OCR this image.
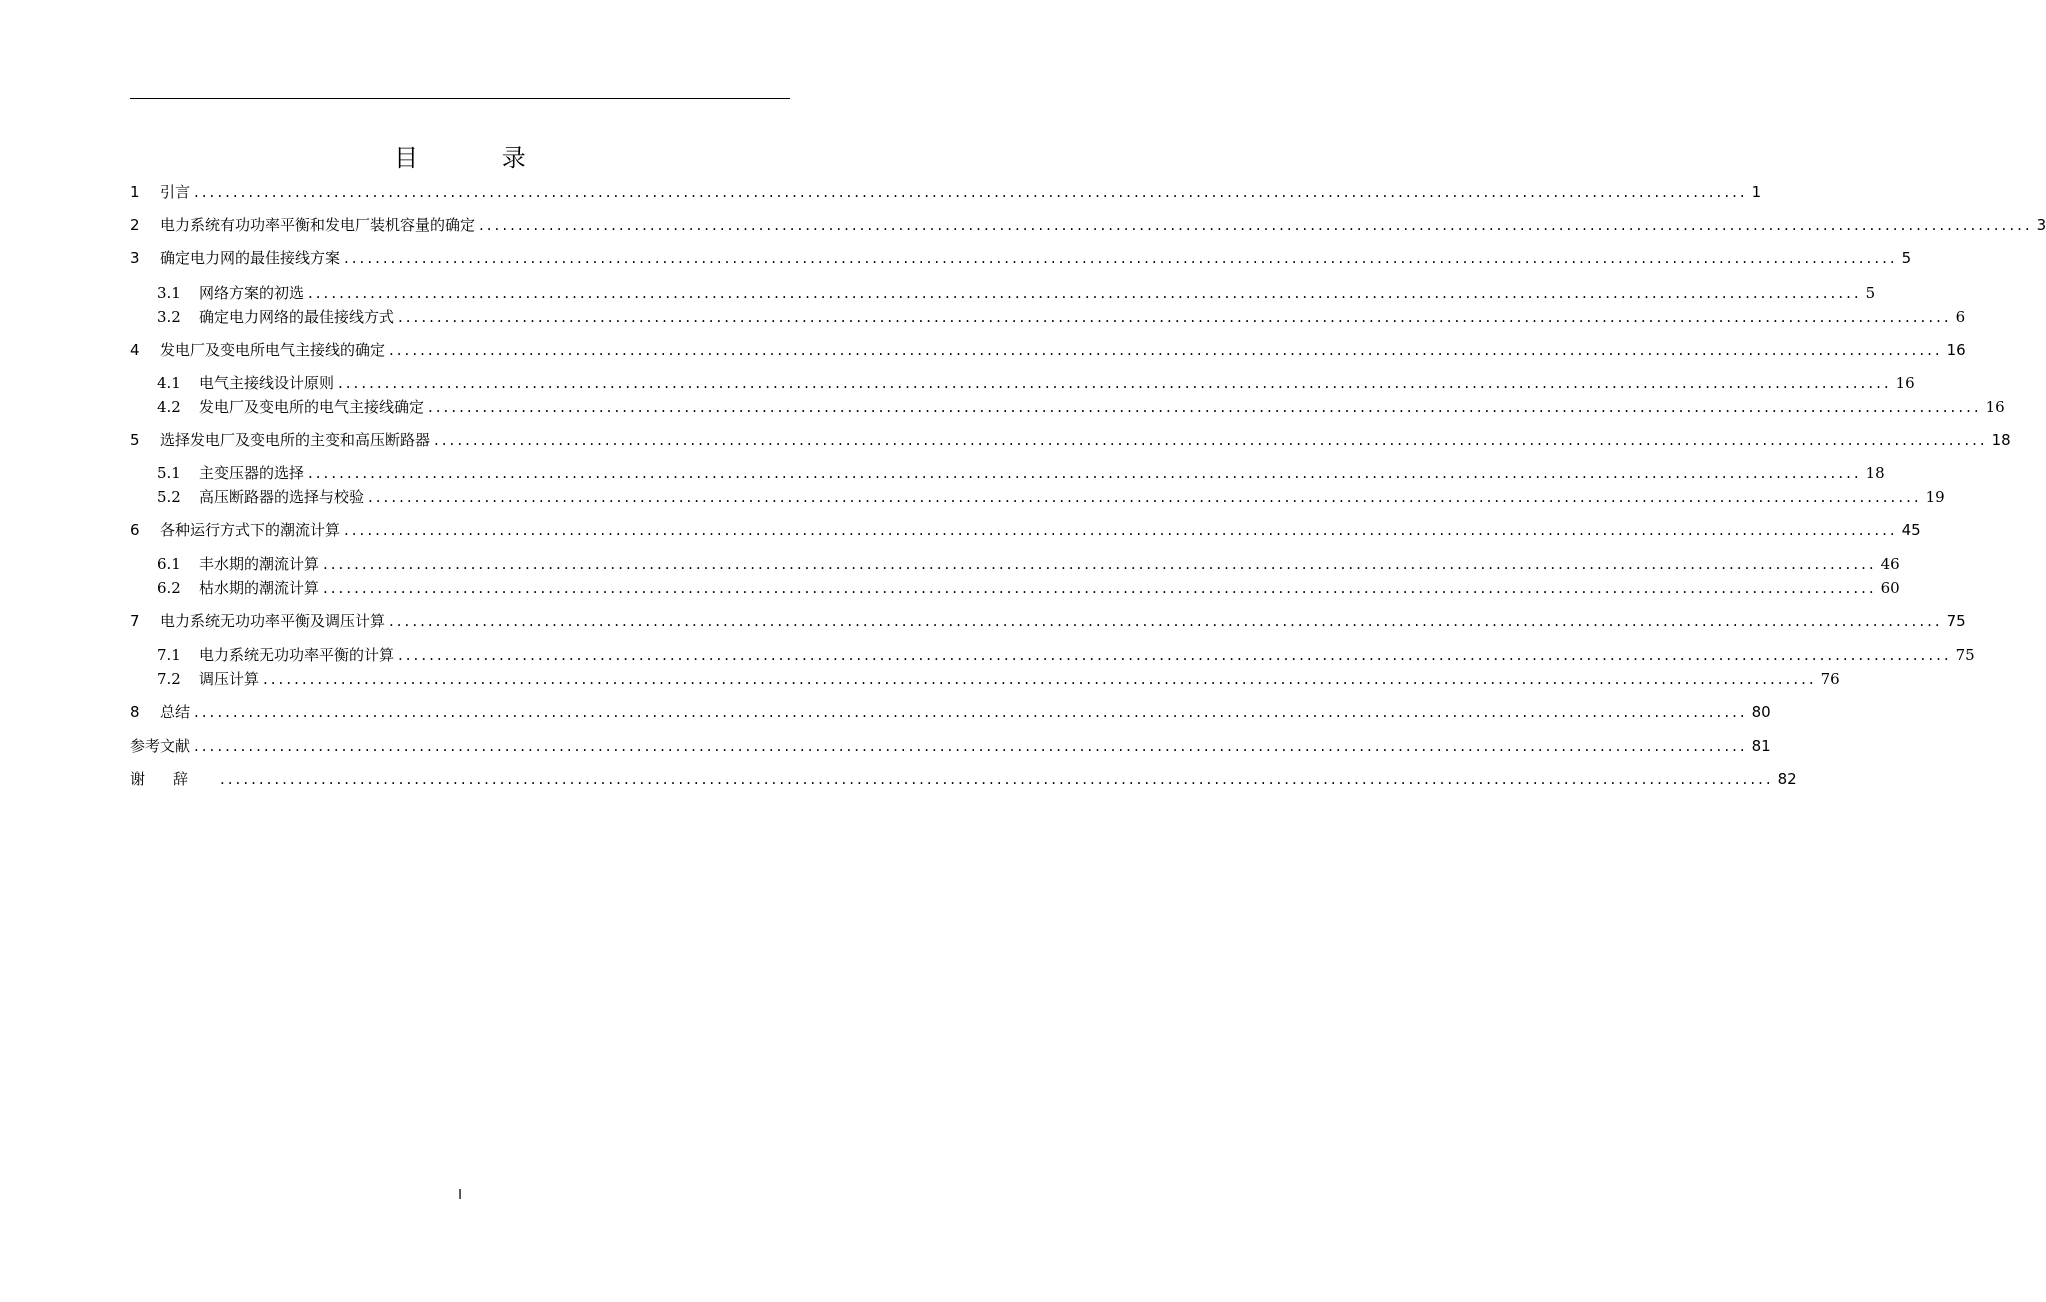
目 录
1	引言 ........................................................................................................................................................................................................ 1
2	电力系统有功功率平衡和发电厂装机容量的确定 ........................................................................................................................................................................................................ 3
3	确定电力网的最佳接线方案 ........................................................................................................................................................................................................ 5
3.1	网络方案的初选 ........................................................................................................................................................................................................ 5
3.2	确定电力网络的最佳接线方式 ........................................................................................................................................................................................................ 6
4	发电厂及变电所电气主接线的确定 ........................................................................................................................................................................................................ 16
4.1	电气主接线设计原则 ........................................................................................................................................................................................................ 16
4.2	发电厂及变电所的电气主接线确定 ........................................................................................................................................................................................................ 16
5	选择发电厂及变电所的主变和高压断路器 ........................................................................................................................................................................................................ 18
5.1	主变压器的选择 ........................................................................................................................................................................................................ 18
5.2	高压断路器的选择与校验 ........................................................................................................................................................................................................ 19
6	各种运行方式下的潮流计算 ........................................................................................................................................................................................................ 45
6.1	丰水期的潮流计算 ........................................................................................................................................................................................................ 46
6.2	枯水期的潮流计算 ........................................................................................................................................................................................................ 60
7	电力系统无功功率平衡及调压计算 ........................................................................................................................................................................................................ 75
7.1	电力系统无功功率平衡的计算 ........................................................................................................................................................................................................ 75
7.2	调压计算 ........................................................................................................................................................................................................ 76
8	总结 ........................................................................................................................................................................................................ 80
参考文献 ........................................................................................................................................................................................................ 81
谢辞 ........................................................................................................................................................................................................ 82
I
